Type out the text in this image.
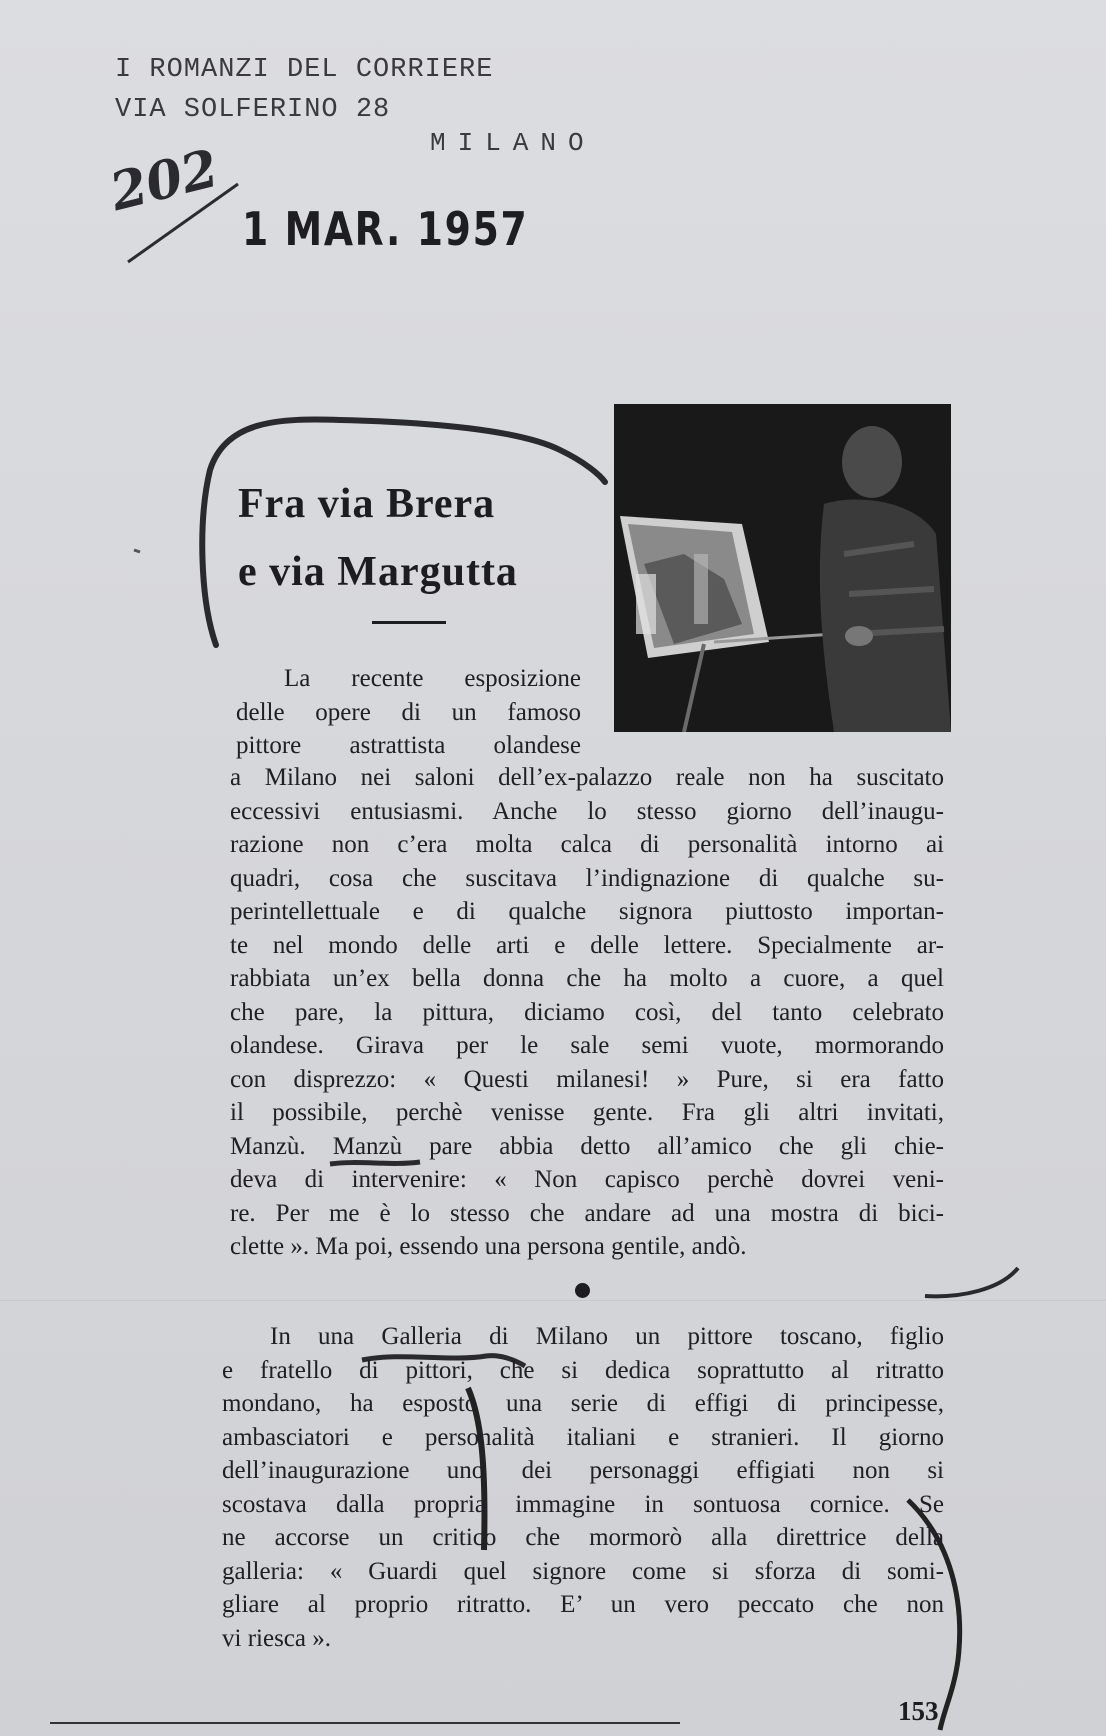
I ROMANZI DEL CORRIERE
VIA SOLFERINO 28
MILANO
202
1 MAR. 1957
Fra via Brera
e via Margutta
La recente esposizione
delle opere di un famoso
pittore astrattista olandese
a Milano nei saloni dell’ex-palazzo reale non ha suscitato
eccessivi entusiasmi. Anche lo stesso giorno dell’inaugu-
razione non c’era molta calca di personalità intorno ai
quadri, cosa che suscitava l’indignazione di qualche su-
perintellettuale e di qualche signora piuttosto importan-
te nel mondo delle arti e delle lettere. Specialmente ar-
rabbiata un’ex bella donna che ha molto a cuore, a quel
che pare, la pittura, diciamo così, del tanto celebrato
olandese. Girava per le sale semi vuote, mormorando
con disprezzo: « Questi milanesi! » Pure, si era fatto
il possibile, perchè venisse gente. Fra gli altri invitati,
Manzù. Manzù pare abbia detto all’amico che gli chie-
deva di intervenire: « Non capisco perchè dovrei veni-
re. Per me è lo stesso che andare ad una mostra di bici-
clette ». Ma poi, essendo una persona gentile, andò.
In una Galleria di Milano un pittore toscano, figlio
e fratello di pittori, che si dedica soprattutto al ritratto
mondano, ha esposto una serie di effigi di principesse,
ambasciatori e personalità italiani e stranieri. Il giorno
dell’inaugurazione uno dei personaggi effigiati non si
scostava dalla propria immagine in sontuosa cornice. Se
ne accorse un critico che mormorò alla direttrice della
galleria: « Guardi quel signore come si sforza di somi-
gliare al proprio ritratto. E’ un vero peccato che non
vi riesca ».
153
